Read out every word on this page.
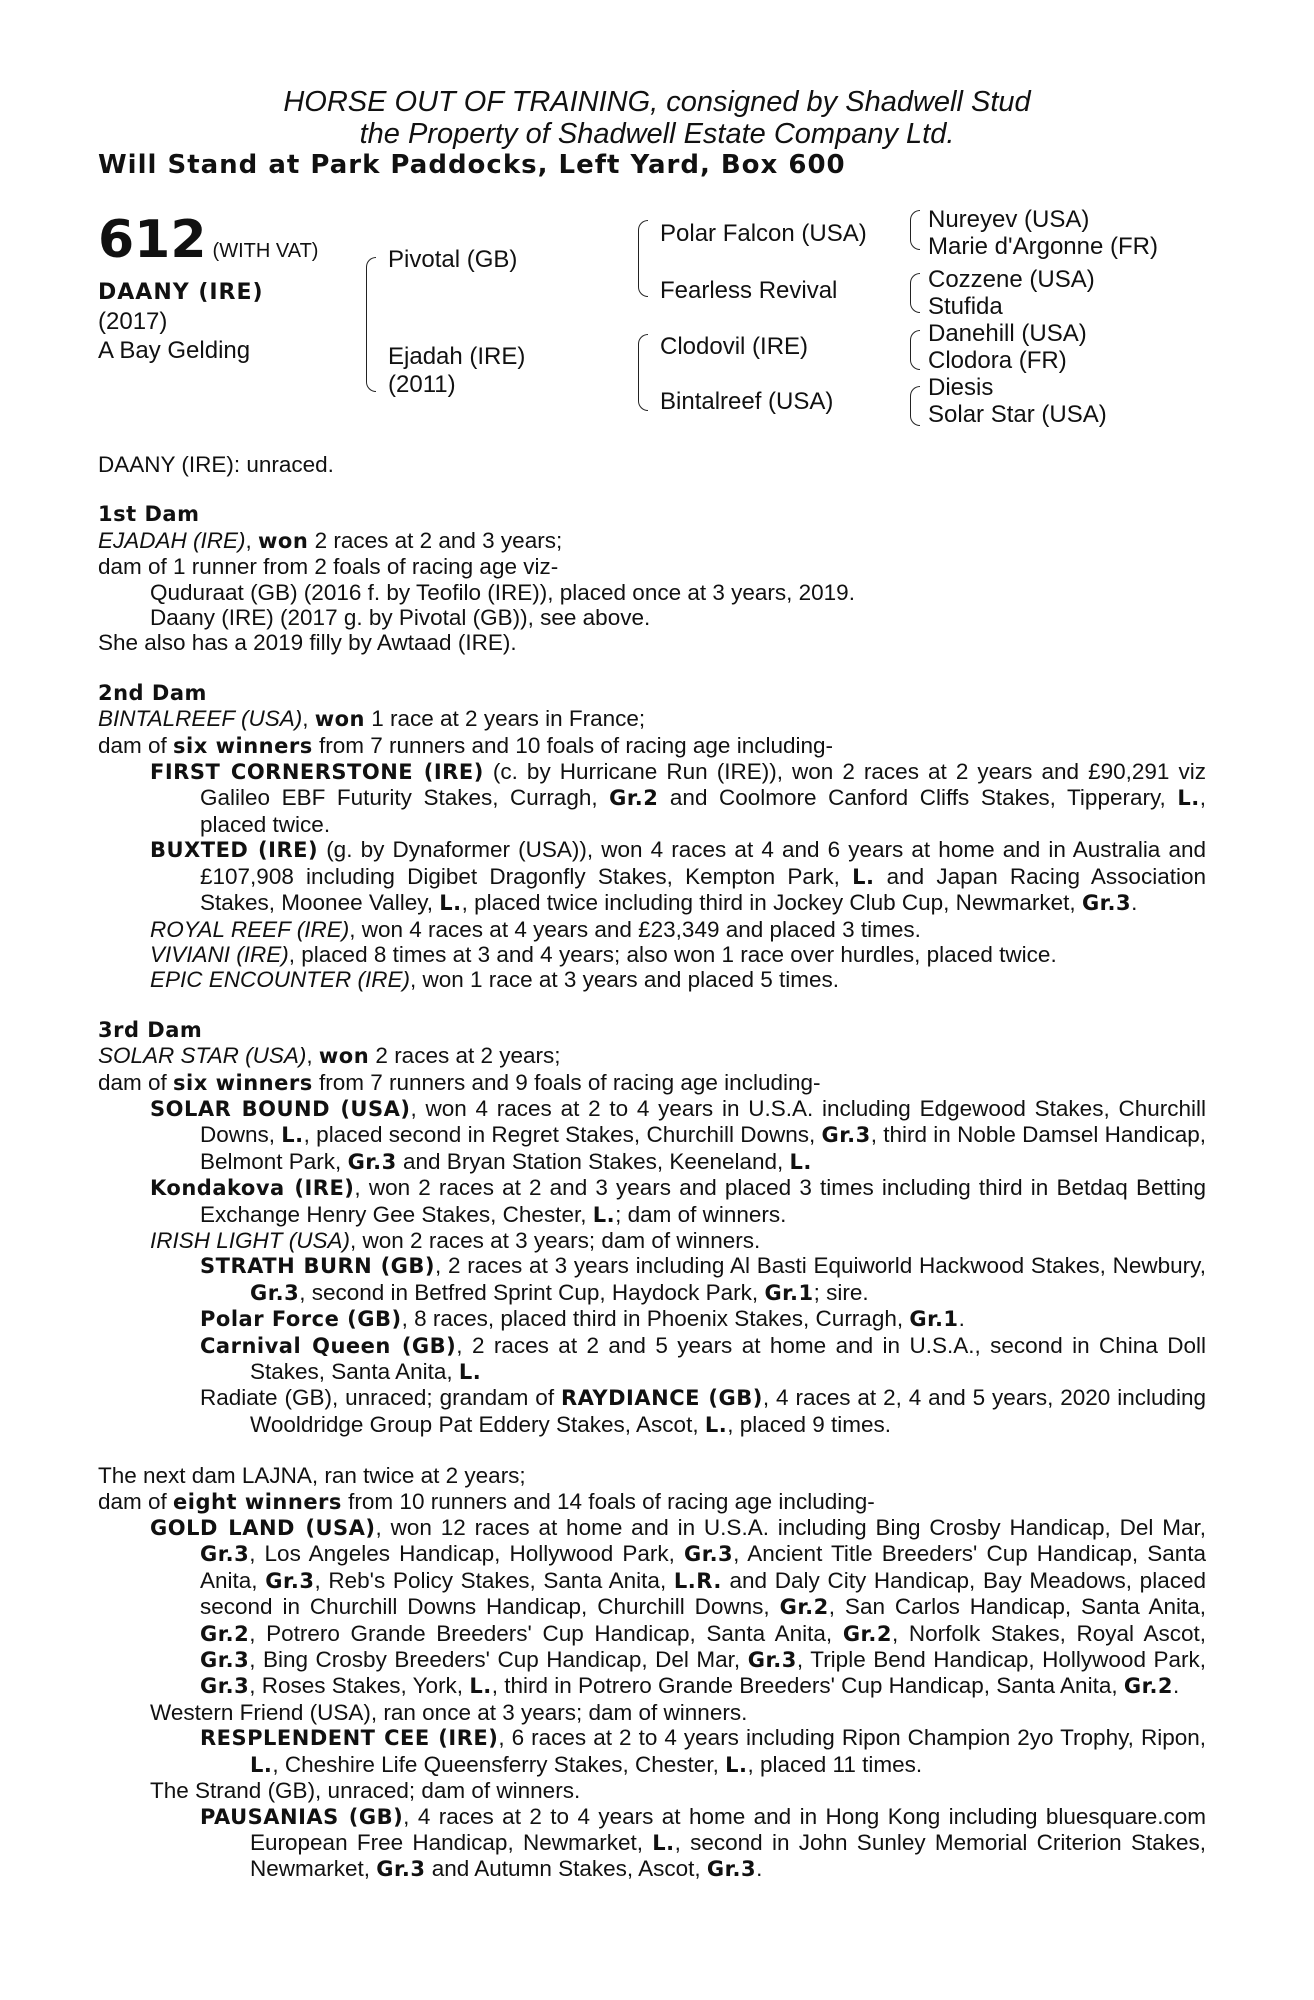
HORSE OUT OF TRAINING, consigned by Shadwell Stud
the Property of Shadwell Estate Company Ltd.
Will Stand at Park Paddocks, Left Yard, Box 600
612 (WITH VAT)
DAANY (IRE)
(2017)
A Bay Gelding
Pivotal (GB)
Ejadah (IRE)
(2011)
Polar Falcon (USA)
Fearless Revival
Clodovil (IRE)
Bintalreef (USA)
Nureyev (USA)
Marie d'Argonne (FR)
Cozzene (USA)
Stufida
Danehill (USA)
Clodora (FR)
Diesis
Solar Star (USA)

DAANY (IRE): unraced.

1st Dam

EJADAH (IRE), won 2 races at 2 and 3 years;

dam of 1 runner from 2 foals of racing age viz-

Quduraat (GB) (2016 f. by Teofilo (IRE)), placed once at 3 years, 2019.

Daany (IRE) (2017 g. by Pivotal (GB)), see above.

She also has a 2019 filly by Awtaad (IRE).

2nd Dam

BINTALREEF (USA), won 1 race at 2 years in France;

dam of six winners from 7 runners and 10 foals of racing age including-

FIRST CORNERSTONE (IRE) (c. by Hurricane Run (IRE)), won 2 races at 2 years and £90,291 viz Galileo EBF Futurity Stakes, Curragh, Gr.2 and Coolmore Canford Cliffs Stakes, Tipperary, L., placed twice.

BUXTED (IRE) (g. by Dynaformer (USA)), won 4 races at 4 and 6 years at home and in Australia and £107,908 including Digibet Dragonfly Stakes, Kempton Park, L. and Japan Racing Association Stakes, Moonee Valley, L., placed twice including third in Jockey Club Cup, Newmarket, Gr.3.

ROYAL REEF (IRE), won 4 races at 4 years and £23,349 and placed 3 times.

VIVIANI (IRE), placed 8 times at 3 and 4 years; also won 1 race over hurdles, placed twice.

EPIC ENCOUNTER (IRE), won 1 race at 3 years and placed 5 times.

3rd Dam

SOLAR STAR (USA), won 2 races at 2 years;

dam of six winners from 7 runners and 9 foals of racing age including-

SOLAR BOUND (USA), won 4 races at 2 to 4 years in U.S.A. including Edgewood Stakes, Churchill Downs, L., placed second in Regret Stakes, Churchill Downs, Gr.3, third in Noble Damsel Handicap, Belmont Park, Gr.3 and Bryan Station Stakes, Keeneland, L.

Kondakova (IRE), won 2 races at 2 and 3 years and placed 3 times including third in Betdaq Betting Exchange Henry Gee Stakes, Chester, L.; dam of winners.

IRISH LIGHT (USA), won 2 races at 3 years; dam of winners.

STRATH BURN (GB), 2 races at 3 years including Al Basti Equiworld Hackwood Stakes, Newbury, Gr.3, second in Betfred Sprint Cup, Haydock Park, Gr.1; sire.

Polar Force (GB), 8 races, placed third in Phoenix Stakes, Curragh, Gr.1.

Carnival Queen (GB), 2 races at 2 and 5 years at home and in U.S.A., second in China Doll Stakes, Santa Anita, L.

Radiate (GB), unraced; grandam of RAYDIANCE (GB), 4 races at 2, 4 and 5 years, 2020 including Wooldridge Group Pat Eddery Stakes, Ascot, L., placed 9 times.

The next dam LAJNA, ran twice at 2 years;

dam of eight winners from 10 runners and 14 foals of racing age including-

GOLD LAND (USA), won 12 races at home and in U.S.A. including Bing Crosby Handicap, Del Mar, Gr.3, Los Angeles Handicap, Hollywood Park, Gr.3, Ancient Title Breeders' Cup Handicap, Santa Anita, Gr.3, Reb's Policy Stakes, Santa Anita, L.R. and Daly City Handicap, Bay Meadows, placed second in Churchill Downs Handicap, Churchill Downs, Gr.2, San Carlos Handicap, Santa Anita, Gr.2, Potrero Grande Breeders' Cup Handicap, Santa Anita, Gr.2, Norfolk Stakes, Royal Ascot, Gr.3, Bing Crosby Breeders' Cup Handicap, Del Mar, Gr.3, Triple Bend Handicap, Hollywood Park, Gr.3, Roses Stakes, York, L., third in Potrero Grande Breeders' Cup Handicap, Santa Anita, Gr.2.

Western Friend (USA), ran once at 3 years; dam of winners.

RESPLENDENT CEE (IRE), 6 races at 2 to 4 years including Ripon Champion 2yo Trophy, Ripon, L., Cheshire Life Queensferry Stakes, Chester, L., placed 11 times.

The Strand (GB), unraced; dam of winners.

PAUSANIAS (GB), 4 races at 2 to 4 years at home and in Hong Kong including bluesquare.com European Free Handicap, Newmarket, L., second in John Sunley Memorial Criterion Stakes, Newmarket, Gr.3 and Autumn Stakes, Ascot, Gr.3.
